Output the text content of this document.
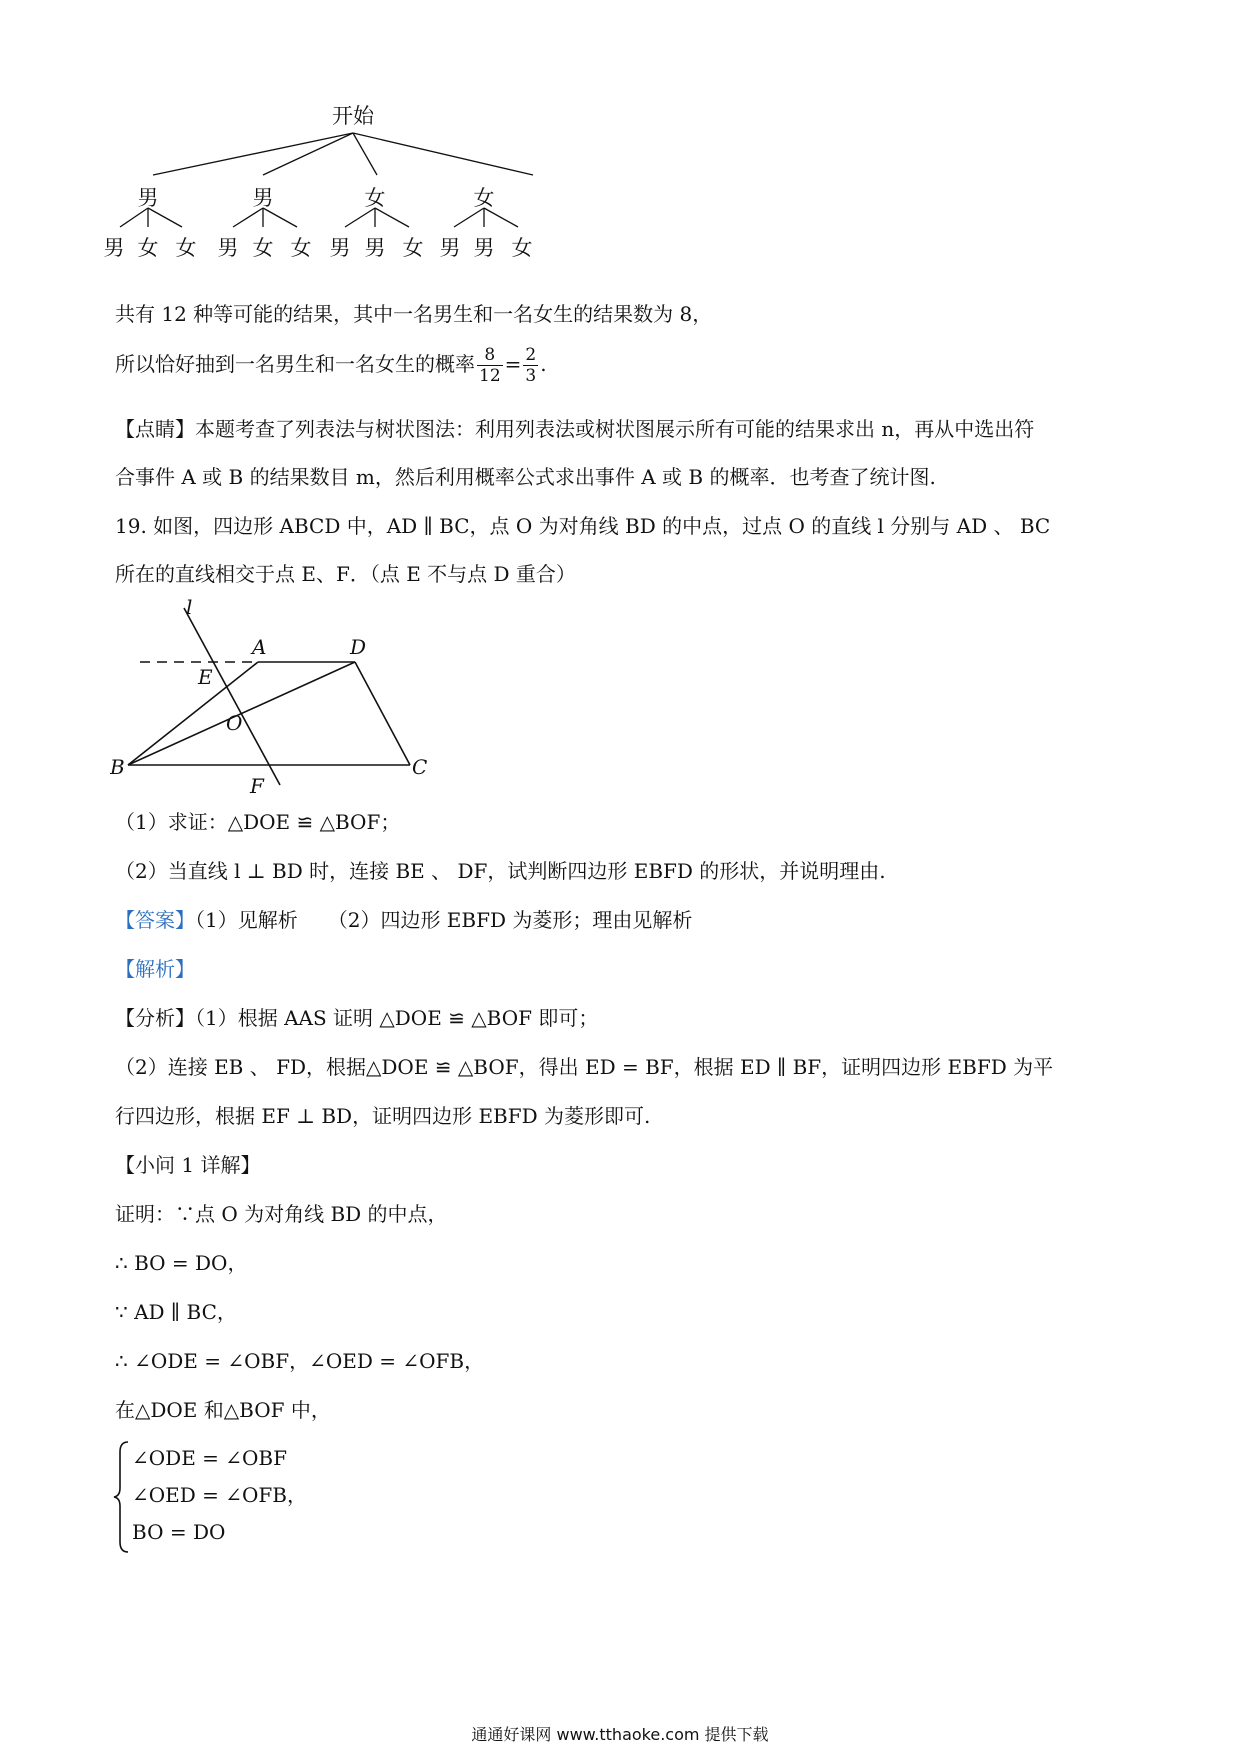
开始
男	男	女	女
男 女 女 男 女 女 男 男 女 男 男 女
共有 12 种等可能的结果，其中一名男生和一名女生的结果数为 8，
所以恰好抽到一名男生和一名女生的概率 $\frac{8}{12} = \frac{2}{3}$ .
【点睛】本题考查了列表法与树状图法：利用列表法或树状图展示所有可能的结果求出 n，再从中选出符
合事件 A 或 B 的结果数目 m，然后利用概率公式求出事件 A 或 B 的概率．也考查了统计图.
19. 如图，四边形 ABCD 中，AD ∥ BC，点 O 为对角线 BD 的中点，过点 O 的直线 l 分别与 AD 、 BC
所在的直线相交于点 E、F．（点 E 不与点 D 重合）
l
A	D
E
O
B
F
C
（1）求证：△DOE ≌ △BOF；
（2）当直线 l ⊥ BD 时，连接 BE 、 DF，试判断四边形 EBFD 的形状，并说明理由.
【答案】（1）见解析　　（2）四边形 EBFD 为菱形；理由见解析
【解析】
【分析】（1）根据 AAS 证明 △DOE ≌ △BOF 即可；
（2）连接 EB 、 FD，根据△DOE ≌ △BOF，得出 ED = BF，根据 ED ∥ BF，证明四边形 EBFD 为平
行四边形，根据 EF ⊥ BD，证明四边形 EBFD 为菱形即可.
【小问 1 详解】
证明：∵点 O 为对角线 BD 的中点，
∴ BO = DO，
∵ AD ∥ BC，
∴ ∠ODE = ∠OBF，∠OED = ∠OFB，
在△DOE 和△BOF 中，
∠ODE = ∠OBF
∠OED = ∠OFB，
BO = DO
通通好课网 www.tthaoke.com 提供下载
